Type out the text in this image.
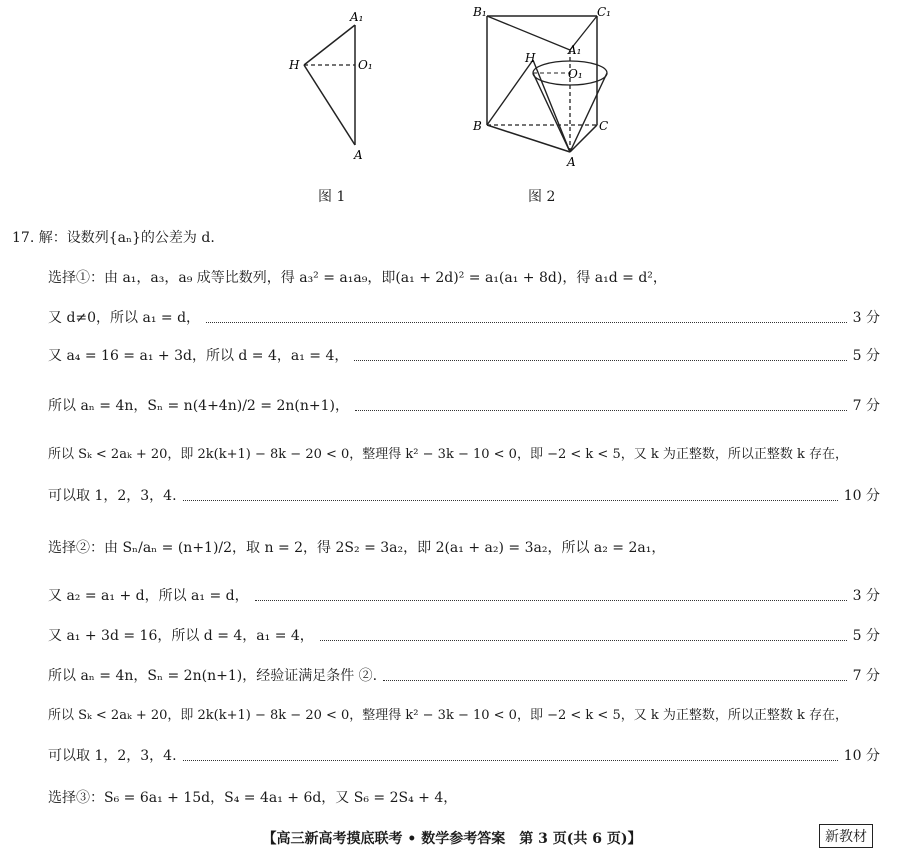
A₁
H	O₁
A
图 1
B₁	C₁
A₁
H
O₁
B	C
A
图 2
17. 解：设数列{aₙ}的公差为 d.
选择①：由 a₁，a₃，a₉ 成等比数列，得 a₃² = a₁a₉，即(a₁ + 2d)² = a₁(a₁ + 8d)，得 a₁d = d²，
又 d≠0，所以 a₁ = d，	3 分
又 a₄ = 16 = a₁ + 3d，所以 d = 4，a₁ = 4，	5 分
所以 aₙ = 4n，Sₙ = n(4+4n)/2 = 2n(n+1)，	7 分
所以 Sₖ < 2aₖ + 20，即 2k(k+1) − 8k − 20 < 0，整理得 k² − 3k − 10 < 0，即 −2 < k < 5，又 k 为正整数，所以正整数 k 存在，
可以取 1，2，3，4.	10 分
选择②：由 Sₙ/aₙ = (n+1)/2，取 n = 2，得 2S₂ = 3a₂，即 2(a₁ + a₂) = 3a₂，所以 a₂ = 2a₁，
又 a₂ = a₁ + d，所以 a₁ = d，	3 分
又 a₁ + 3d = 16，所以 d = 4，a₁ = 4，	5 分
所以 aₙ = 4n，Sₙ = 2n(n+1)，经验证满足条件 ②.	7 分
所以 Sₖ < 2aₖ + 20，即 2k(k+1) − 8k − 20 < 0，整理得 k² − 3k − 10 < 0，即 −2 < k < 5，又 k 为正整数，所以正整数 k 存在，
可以取 1，2，3，4.	10 分
选择③：S₆ = 6a₁ + 15d，S₄ = 4a₁ + 6d，又 S₆ = 2S₄ + 4，
【高三新高考摸底联考 • 数学参考答案　第 3 页(共 6 页)】	新教材
